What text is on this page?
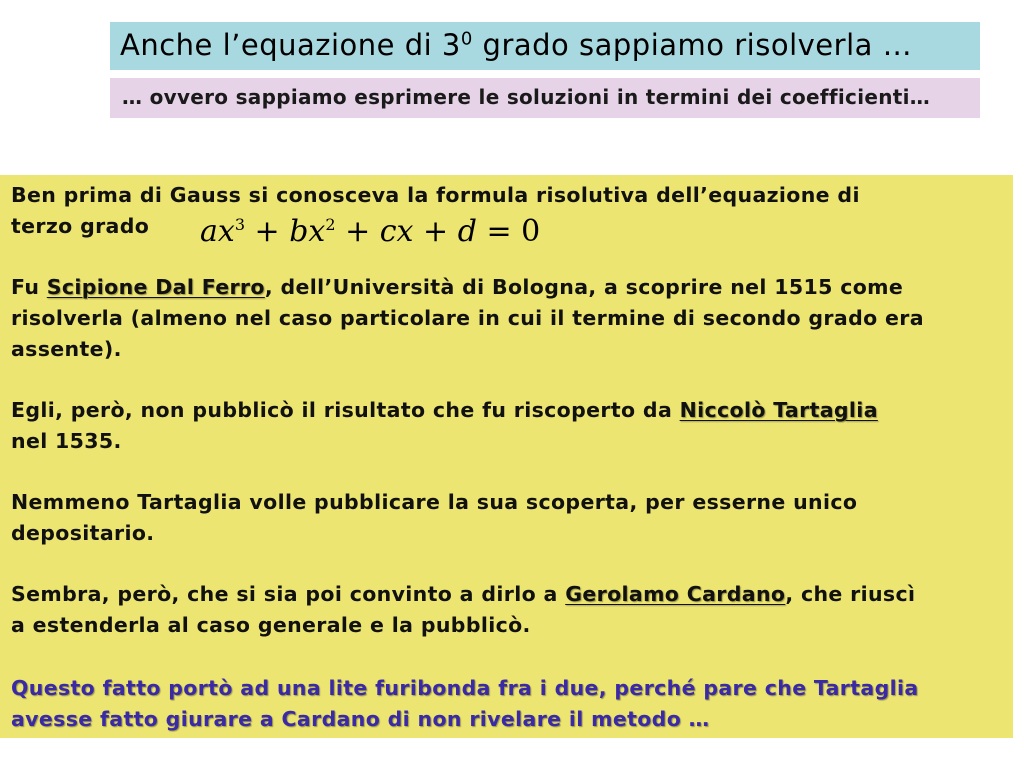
Anche l’equazione di $3^0$ grado sappiamo risolverla …
… ovvero sappiamo esprimere le soluzioni in termini dei coefficienti…
Ben prima di Gauss si conosceva la formula risolutiva dell’equazione di
terzo grado $ax^3 + bx^2$ + cx + d = 0
Fu Scipione Dal Ferro, dell’Università di Bologna, a scoprire nel 1515 come
risolverla (almeno nel caso particolare in cui il termine di secondo grado era
assente).
Egli, però, non pubblicò il risultato che fu riscoperto da Niccolò Tartaglia
nel 1535.
Nemmeno Tartaglia volle pubblicare la sua scoperta, per esserne unico
depositario.
Sembra, però, che si sia poi convinto a dirlo a Gerolamo Cardano, che riuscì
a estenderla al caso generale e la pubblicò.
Questo fatto portò ad una lite furibonda fra i due, perché pare che Tartaglia
avesse fatto giurare a Cardano di non rivelare il metodo …
